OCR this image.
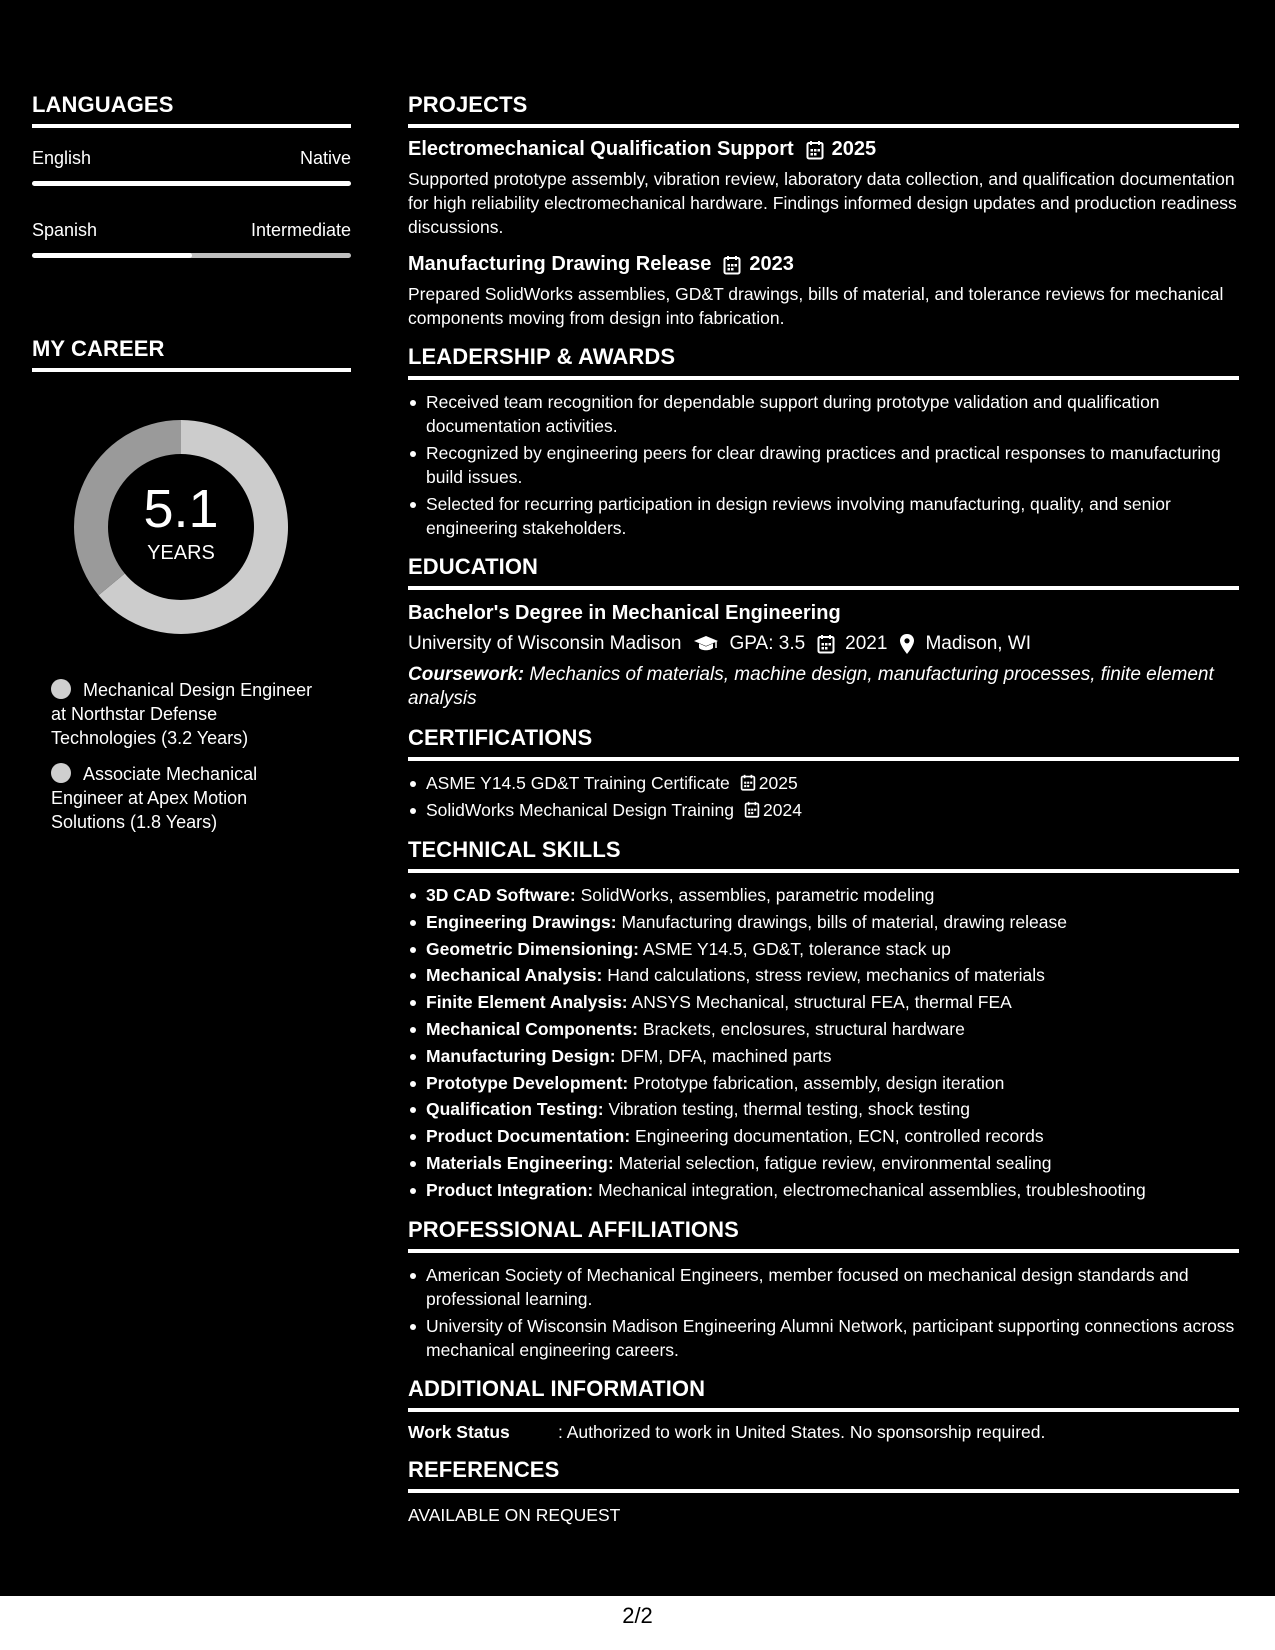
LANGUAGES
English	Native
Spanish	Intermediate
MY CAREER
5.1
YEARS
Mechanical Design Engineer at Northstar Defense Technologies (3.2 Years)
Associate Mechanical Engineer at Apex Motion Solutions (1.8 Years)
PROJECTS
Electromechanical Qualification Support 2025
Supported prototype assembly, vibration review, laboratory data collection, and qualification documentation for high reliability electromechanical hardware. Findings informed design updates and production readiness discussions.
Manufacturing Drawing Release 2023
Prepared SolidWorks assemblies, GD&T drawings, bills of material, and tolerance reviews for mechanical components moving from design into fabrication.
LEADERSHIP & AWARDS
Received team recognition for dependable support during prototype validation and qualification documentation activities.
Recognized by engineering peers for clear drawing practices and practical responses to manufacturing build issues.
Selected for recurring participation in design reviews involving manufacturing, quality, and senior engineering stakeholders.
EDUCATION
Bachelor's Degree in Mechanical Engineering
University of Wisconsin Madison	GPA: 3.5 2021 Madison, WI
Coursework: Mechanics of materials, machine design, manufacturing processes, finite element analysis
CERTIFICATIONS
ASME Y14.5 GD&T Training Certificate 2025
SolidWorks Mechanical Design Training 2024
TECHNICAL SKILLS
3D CAD Software: SolidWorks, assemblies, parametric modeling
Engineering Drawings: Manufacturing drawings, bills of material, drawing release
Geometric Dimensioning: ASME Y14.5, GD&T, tolerance stack up
Mechanical Analysis: Hand calculations, stress review, mechanics of materials
Finite Element Analysis: ANSYS Mechanical, structural FEA, thermal FEA
Mechanical Components: Brackets, enclosures, structural hardware
Manufacturing Design: DFM, DFA, machined parts
Prototype Development: Prototype fabrication, assembly, design iteration
Qualification Testing: Vibration testing, thermal testing, shock testing
Product Documentation: Engineering documentation, ECN, controlled records
Materials Engineering: Material selection, fatigue review, environmental sealing
Product Integration: Mechanical integration, electromechanical assemblies, troubleshooting
PROFESSIONAL AFFILIATIONS
American Society of Mechanical Engineers, member focused on mechanical design standards and professional learning.
University of Wisconsin Madison Engineering Alumni Network, participant supporting connections across mechanical engineering careers.
ADDITIONAL INFORMATION
Work Status	: Authorized to work in United States. No sponsorship required.
REFERENCES
AVAILABLE ON REQUEST
2/2
